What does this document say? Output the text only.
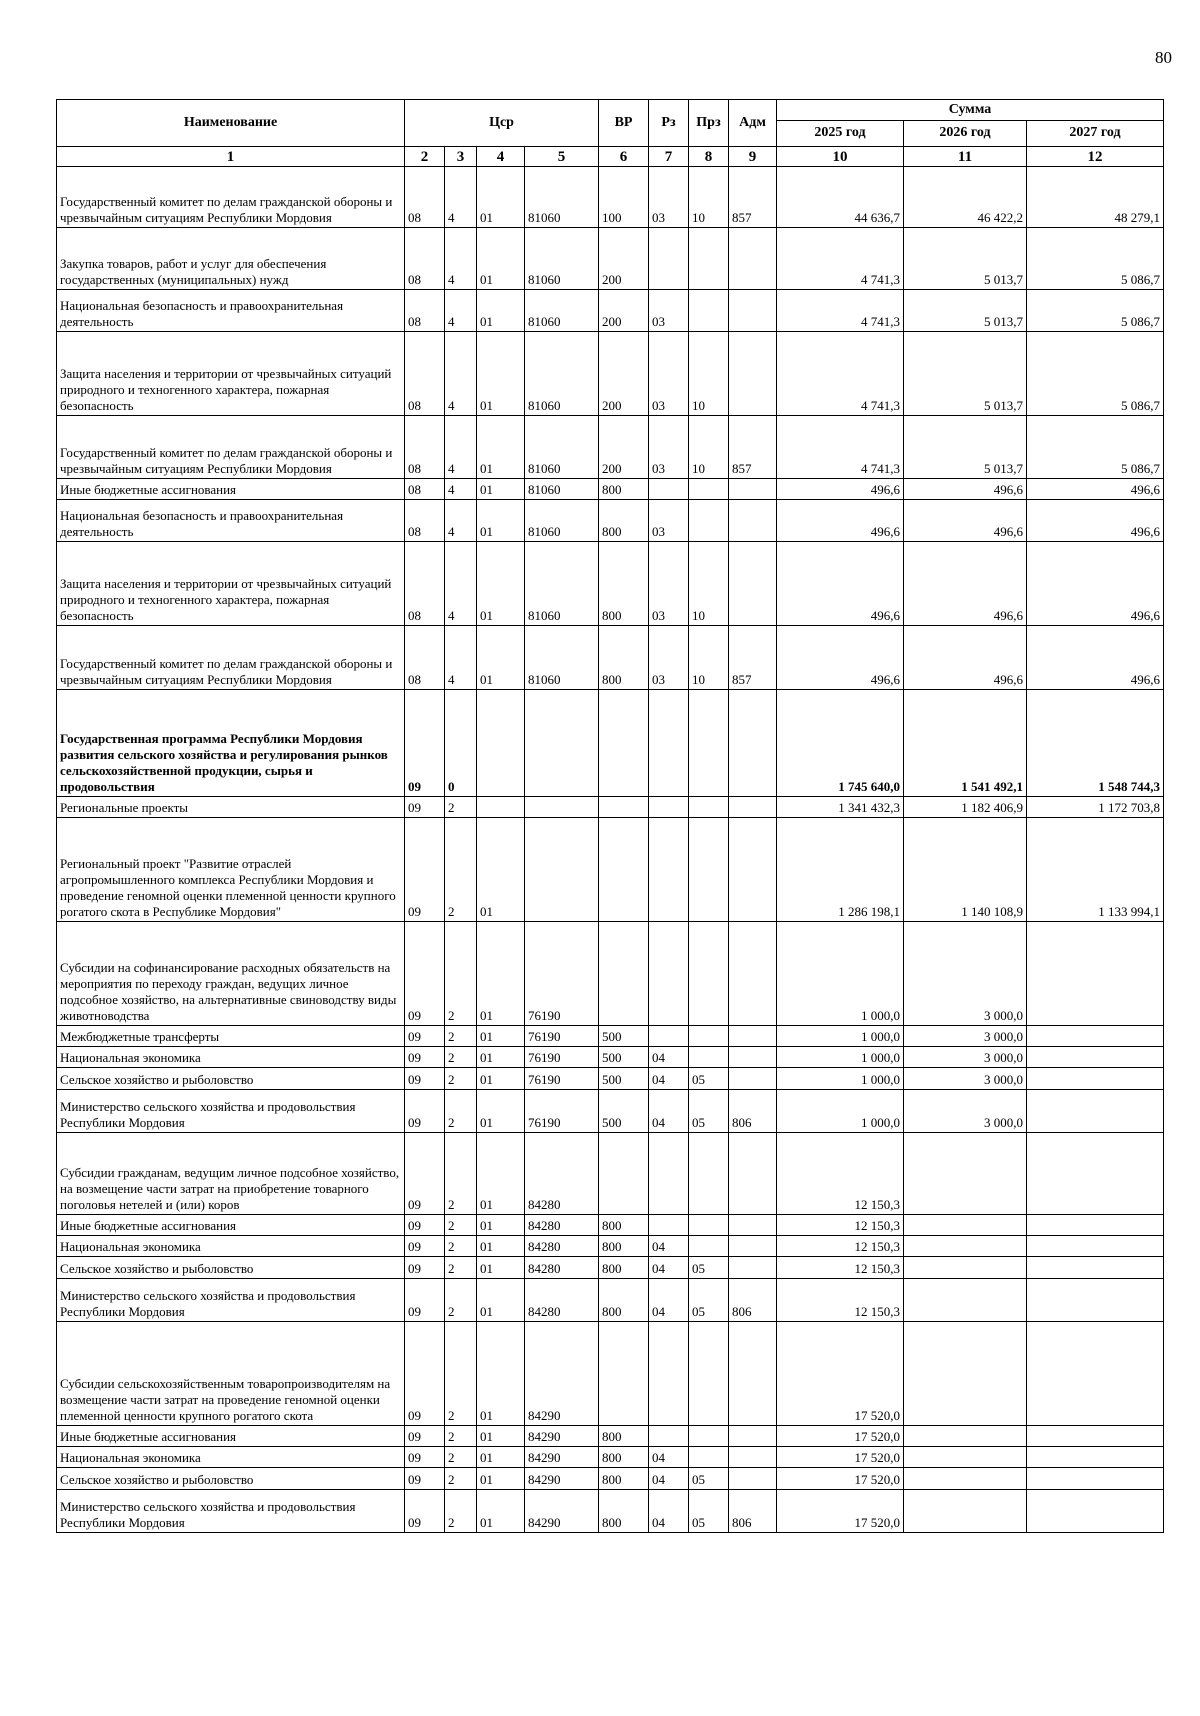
80
Наименование	Цср				ВР	Рз	Прз	Адм	Сумма		
									2025 год	2026 год	2027 год
1	2	3	4	5	6	7	8	9	10	11	12
Государственный комитет по делам гражданской обороны и чрезвычайным ситуациям Республики Мордовия	08	4	01	81060	100	03	10	857	44 636,7	46 422,2	48 279,1
Закупка товаров, работ и услуг для обеспечения государственных (муниципальных) нужд	08	4	01	81060	200				4 741,3	5 013,7	5 086,7
Национальная безопасность и правоохранительная деятельность	08	4	01	81060	200	03			4 741,3	5 013,7	5 086,7
Защита населения и территории от чрезвычайных ситуаций природного и техногенного характера, пожарная безопасность	08	4	01	81060	200	03	10		4 741,3	5 013,7	5 086,7
Государственный комитет по делам гражданской обороны и чрезвычайным ситуациям Республики Мордовия	08	4	01	81060	200	03	10	857	4 741,3	5 013,7	5 086,7
Иные бюджетные ассигнования	08	4	01	81060	800				496,6	496,6	496,6
Национальная безопасность и правоохранительная деятельность	08	4	01	81060	800	03			496,6	496,6	496,6
Защита населения и территории от чрезвычайных ситуаций природного и техногенного характера, пожарная безопасность	08	4	01	81060	800	03	10		496,6	496,6	496,6
Государственный комитет по делам гражданской обороны и чрезвычайным ситуациям Республики Мордовия	08	4	01	81060	800	03	10	857	496,6	496,6	496,6
Государственная программа Республики Мордовия развития сельского хозяйства и регулирования рынков сельскохозяйственной продукции, сырья и продовольствия	09	0							1 745 640,0	1 541 492,1	1 548 744,3
Региональные проекты	09	2							1 341 432,3	1 182 406,9	1 172 703,8
Региональный проект "Развитие отраслей агропромышленного комплекса Республики Мордовия и проведение геномной оценки племенной ценности крупного рогатого скота в Республике Мордовия"	09	2	01						1 286 198,1	1 140 108,9	1 133 994,1
Субсидии на софинансирование расходных обязательств на мероприятия по переходу граждан, ведущих личное подсобное хозяйство, на альтернативные свиноводству виды животноводства	09	2	01	76190					1 000,0	3 000,0	
Межбюджетные трансферты	09	2	01	76190	500				1 000,0	3 000,0	
Национальная экономика	09	2	01	76190	500	04			1 000,0	3 000,0	
Сельское хозяйство и рыболовство	09	2	01	76190	500	04	05		1 000,0	3 000,0	
Министерство сельского хозяйства и продовольствия Республики Мордовия	09	2	01	76190	500	04	05	806	1 000,0	3 000,0	
Субсидии гражданам, ведущим личное подсобное хозяйство, на возмещение части затрат на приобретение товарного поголовья нетелей и (или) коров	09	2	01	84280					12 150,3		
Иные бюджетные ассигнования	09	2	01	84280	800				12 150,3		
Национальная экономика	09	2	01	84280	800	04			12 150,3		
Сельское хозяйство и рыболовство	09	2	01	84280	800	04	05		12 150,3		
Министерство сельского хозяйства и продовольствия Республики Мордовия	09	2	01	84280	800	04	05	806	12 150,3		
Субсидии сельскохозяйственным товаропроизводителям на возмещение части затрат на проведение геномной оценки племенной ценности крупного рогатого скота	09	2	01	84290					17 520,0		
Иные бюджетные ассигнования	09	2	01	84290	800				17 520,0		
Национальная экономика	09	2	01	84290	800	04			17 520,0		
Сельское хозяйство и рыболовство	09	2	01	84290	800	04	05		17 520,0		
Министерство сельского хозяйства и продовольствия Республики Мордовия	09	2	01	84290	800	04	05	806	17 520,0		
